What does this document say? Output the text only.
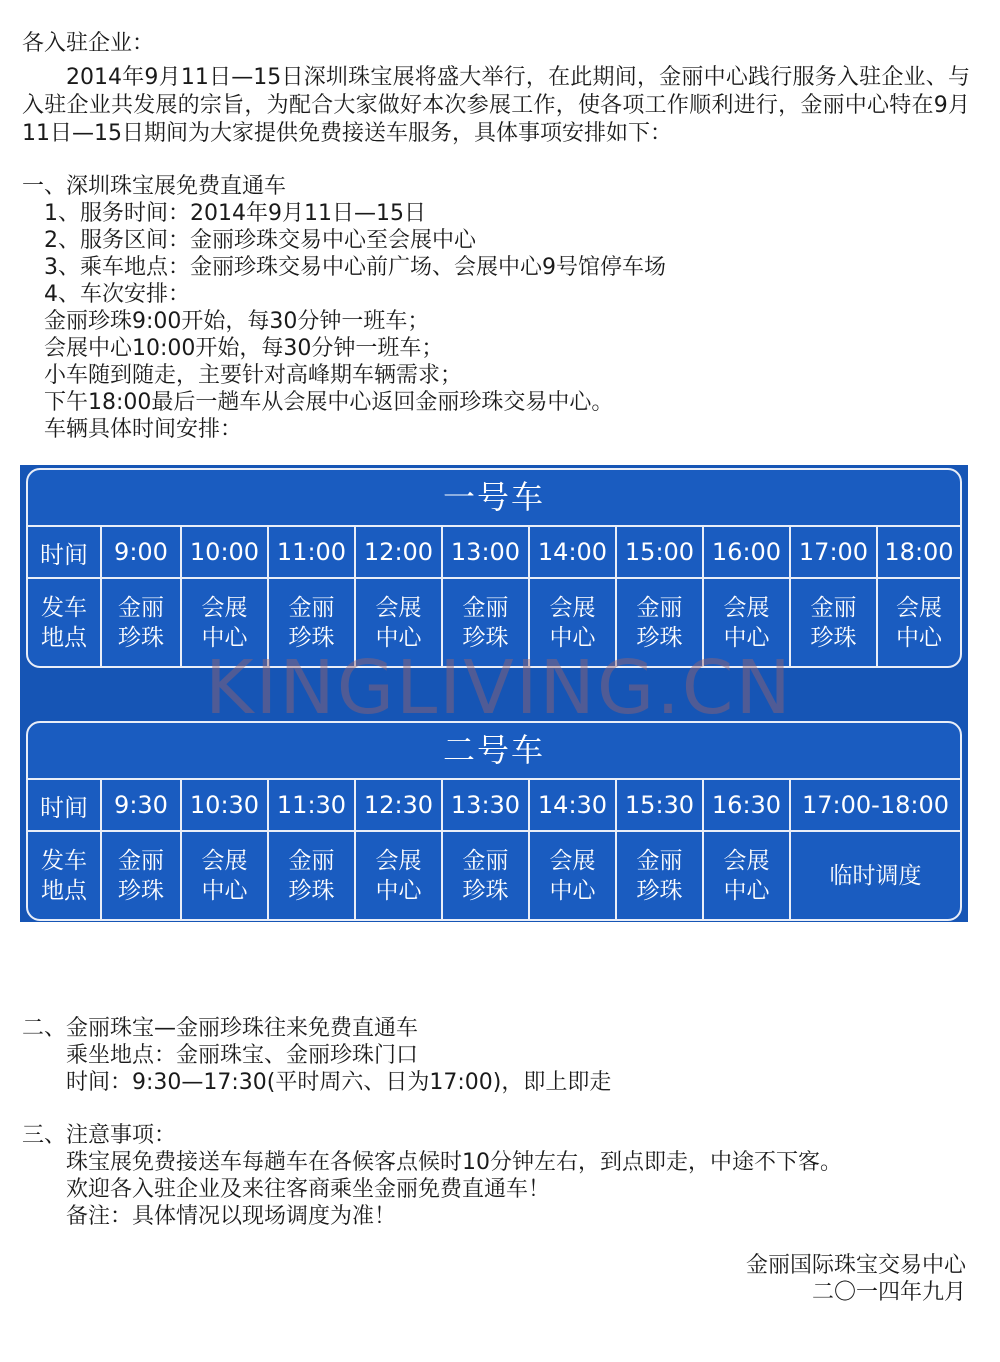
各入驻企业：
2014年9月11日—15日深圳珠宝展将盛大举行，在此期间，金丽中心践行服务入驻企业、与入驻企业共发展的宗旨，为配合大家做好本次参展工作，使各项工作顺利进行，金丽中心特在9月11日—15日期间为大家提供免费接送车服务，具体事项安排如下：
一、深圳珠宝展免费直通车
1、服务时间：2014年9月11日—15日
2、服务区间：金丽珍珠交易中心至会展中心
3、乘车地点：金丽珍珠交易中心前广场、会展中心9号馆停车场
4、车次安排：
金丽珍珠9:00开始，每30分钟一班车；
会展中心10:00开始，每30分钟一班车；
小车随到随走，主要针对高峰期车辆需求；
下午18:00最后一趟车从会展中心返回金丽珍珠交易中心。
车辆具体时间安排：
一号车
时间	9:00 10:00 11:00 12:00 13:00 14:00 15:00 16:00 17:00 18:00
发车
地点
金丽
珍珠
会展
中心
金丽
珍珠
会展
中心
金丽
珍珠
会展
中心
金丽
珍珠
会展
中心
金丽
珍珠
会展
中心
二号车
时间	9:30 10:30 11:30 12:30 13:30 14:30 15:30 16:30 17:00-18:00
发车
地点
金丽
珍珠
会展
中心
金丽
珍珠
会展
中心
金丽
珍珠
会展
中心
金丽
珍珠
会展
中心
临时调度
KINGLIVING.CN
二、金丽珠宝—金丽珍珠往来免费直通车
乘坐地点：金丽珠宝、金丽珍珠门口
时间：9:30—17:30(平时周六、日为17:00)，即上即走
三、注意事项：
珠宝展免费接送车每趟车在各候客点候时10分钟左右，到点即走，中途不下客。
欢迎各入驻企业及来往客商乘坐金丽免费直通车！
备注：具体情况以现场调度为准！
金丽国际珠宝交易中心
二〇一四年九月
